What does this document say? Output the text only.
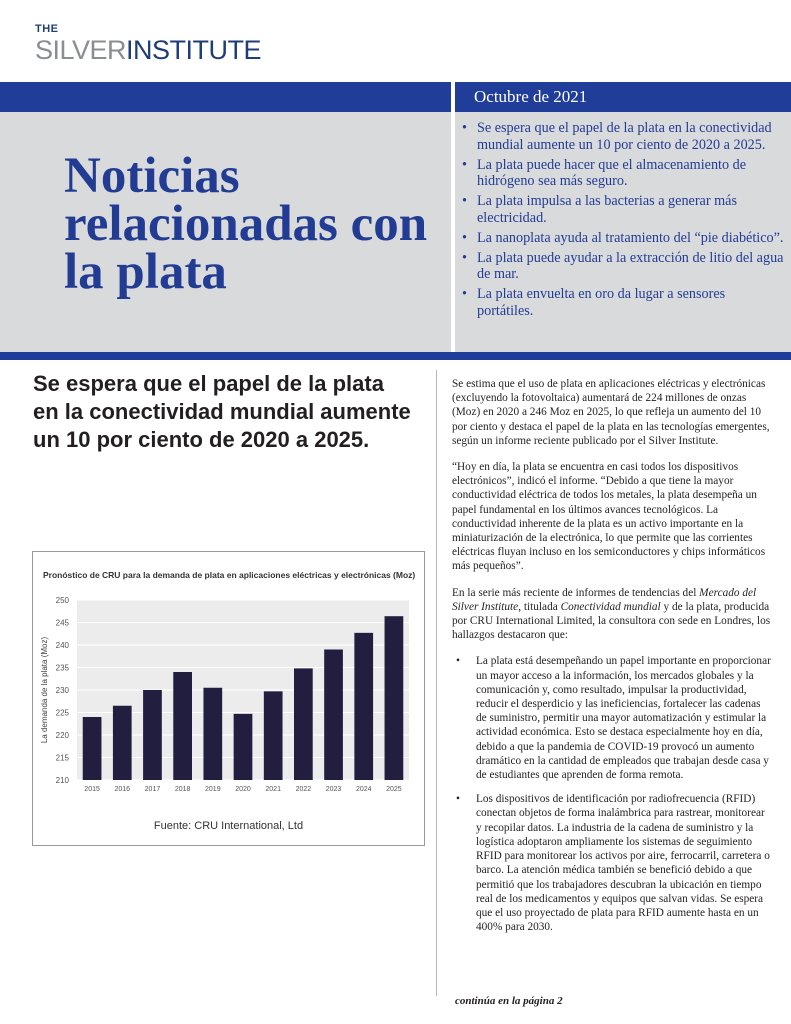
THE
SILVERINSTITUTE
Octubre de 2021
Noticias relacionadas con la plata
• Se espera que el papel de la plata en la conectividad mundial aumente un 10 por ciento de 2020 a 2025.
• La plata puede hacer que el almacenamiento de hidrógeno sea más seguro.
• La plata impulsa a las bacterias a generar más electricidad.
• La nanoplata ayuda al tratamiento del “pie diabético”.
• La plata puede ayudar a la extracción de litio del agua de mar.
• La plata envuelta en oro da lugar a sensores portátiles.
Se espera que el papel de la plata en la conectividad mundial aumente un 10 por ciento de 2020 a 2025.
Pronóstico de CRU para la demanda de plata en aplicaciones eléctricas y electrónicas (Moz)
210
215
220
225
230
235
240
245
250
2015 2016 2017 2018 2019 2020 2021 2022 2023 2024 2025
La demanda de la plata (Moz)
Fuente: CRU International, Ltd

Se estima que el uso de plata en aplicaciones eléctricas y electrónicas (excluyendo la fotovoltaica) aumentará de 224 millones de onzas (Moz) en 2020 a 246 Moz en 2025, lo que refleja un aumento del 10 por ciento y destaca el papel de la plata en las tecnologías emergentes, según un informe reciente publicado por el Silver Institute.

“Hoy en día, la plata se encuentra en casi todos los dispositivos electrónicos”, indicó el informe. “Debido a que tiene la mayor conductividad eléctrica de todos los metales, la plata desempeña un papel fundamental en los últimos avances tecnológicos. La conductividad inherente de la plata es un activo importante en la miniaturización de la electrónica, lo que permite que las corrientes eléctricas fluyan incluso en los semiconductores y chips informáticos más pequeños”.

En la serie más reciente de informes de tendencias del Mercado del Silver Institute, titulada Conectividad mundial y de la plata, producida por CRU International Limited, la consultora con sede en Londres, los hallazgos destacaron que:

• La plata está desempeñando un papel importante en proporcionar un mayor acceso a la información, los mercados globales y la comunicación y, como resultado, impulsar la productividad, reducir el desperdicio y las ineficiencias, fortalecer las cadenas de suministro, permitir una mayor automatización y estimular la actividad económica. Esto se destaca especialmente hoy en día, debido a que la pandemia de COVID-19 provocó un aumento dramático en la cantidad de empleados que trabajan desde casa y de estudiantes que aprenden de forma remota.
• Los dispositivos de identificación por radiofrecuencia (RFID) conectan objetos de forma inalámbrica para rastrear, monitorear y recopilar datos. La industria de la cadena de suministro y la logística adoptaron ampliamente los sistemas de seguimiento RFID para monitorear los activos por aire, ferrocarril, carretera o barco. La atención médica también se benefició debido a que permitió que los trabajadores descubran la ubicación en tiempo real de los medicamentos y equipos que salvan vidas. Se espera que el uso proyectado de plata para RFID aumente hasta en un 400% para 2030.
continúa en la página 2
